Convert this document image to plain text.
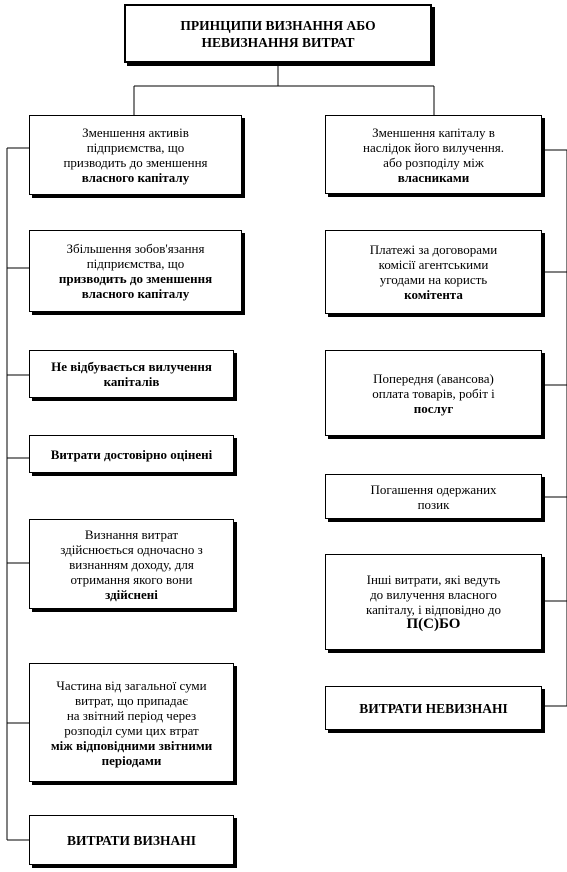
ПРИНЦИПИ ВИЗНАННЯ АБО
НЕВИЗНАННЯ ВИТРАТ
Зменшення активів
підприємства, що
призводить до зменшення
власного капіталу
Збільшення зобов'язання
підприємства, що
призводить до зменшення
власного капіталу
Не відбувається вилучення
капіталів
Витрати достовірно оцінені
Визнання витрат
здійснюється одночасно з
визнанням доходу, для
отримання якого вони
здійснені
Частина від загальної суми
витрат, що припадає
на звітний період через
розподіл суми цих втрат
між відповідними звітними
періодами
ВИТРАТИ ВИЗНАНІ
Зменшення капіталу в
наслідок його вилучення.
або розподілу між
власниками
Платежі за договорами
комісії агентськими
угодами на користь
комітента
Попередня (авансова)
оплата товарів, робіт і
послуг
Погашення одержаних
позик
Інші витрати, які ведуть
до вилучення власного
капіталу, і відповідно до
П(С)БО
ВИТРАТИ НЕВИЗНАНІ
